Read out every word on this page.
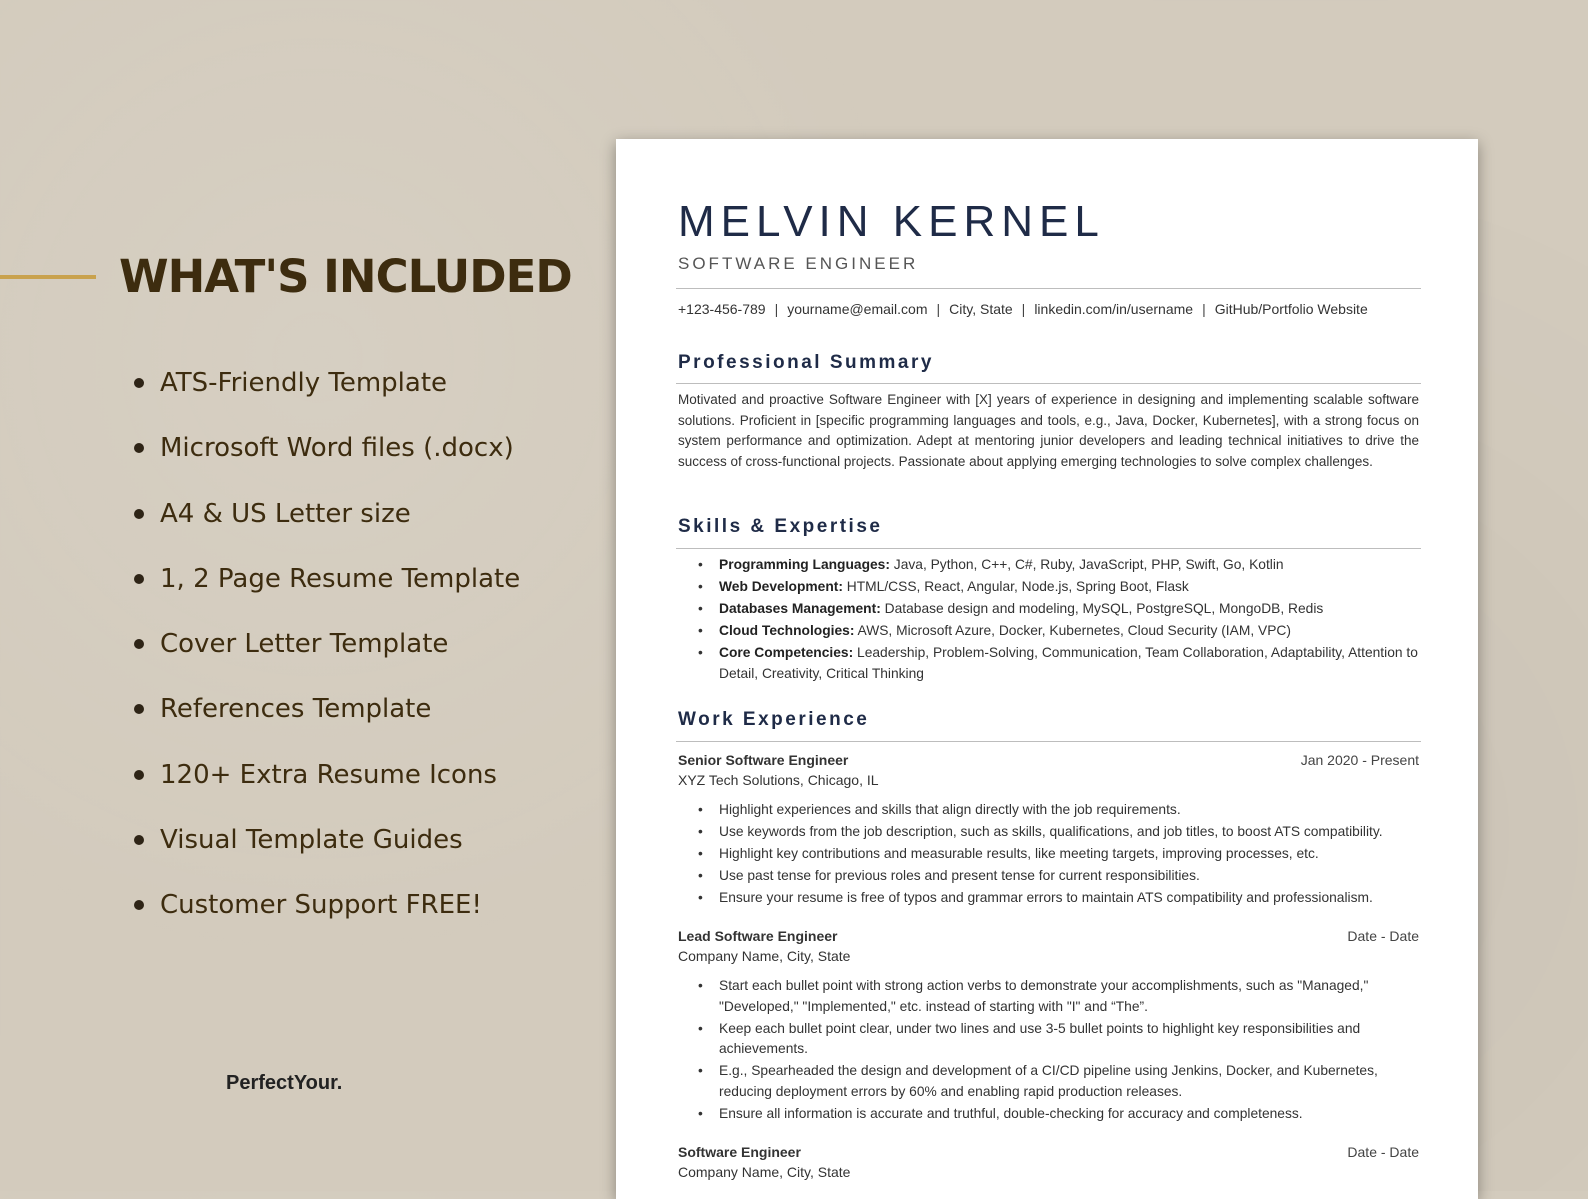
WHAT'S INCLUDED
ATS-Friendly Template
Microsoft Word files (.docx)
A4 & US Letter size
1, 2 Page Resume Template
Cover Letter Template
References Template
120+ Extra Resume Icons
Visual Template Guides
Customer Support FREE!

PerfectYour.

MELVIN KERNEL

SOFTWARE ENGINEER

+123-456-789 | yourname@email.com | City, State | linkedin.com/in/username | GitHub/Portfolio Website
Professional Summary

Motivated and proactive Software Engineer with [X] years of experience in designing and implementing scalable software solutions. Proficient in [specific programming languages and tools, e.g., Java, Docker, Kubernetes], with a strong focus on system performance and optimization. Adept at mentoring junior developers and leading technical initiatives to drive the success of cross-functional projects. Passionate about applying emerging technologies to solve complex challenges.

Skills & Expertise
• Programming Languages: Java, Python, C++, C#, Ruby, JavaScript, PHP, Swift, Go, Kotlin
• Web Development: HTML/CSS, React, Angular, Node.js, Spring Boot, Flask
• Databases Management: Database design and modeling, MySQL, PostgreSQL, MongoDB, Redis
• Cloud Technologies: AWS, Microsoft Azure, Docker, Kubernetes, Cloud Security (IAM, VPC)
• Core Competencies: Leadership, Problem-Solving, Communication, Team Collaboration, Adaptability, Attention to Detail, Creativity, Critical Thinking
Work Experience
Senior Software Engineer	Jan 2020 - Present
XYZ Tech Solutions, Chicago, IL
• Highlight experiences and skills that align directly with the job requirements.
• Use keywords from the job description, such as skills, qualifications, and job titles, to boost ATS compatibility.
• Highlight key contributions and measurable results, like meeting targets, improving processes, etc.
• Use past tense for previous roles and present tense for current responsibilities.
• Ensure your resume is free of typos and grammar errors to maintain ATS compatibility and professionalism.
Lead Software Engineer	Date - Date
Company Name, City, State
• Start each bullet point with strong action verbs to demonstrate your accomplishments, such as "Managed," "Developed," "Implemented," etc. instead of starting with "I" and “The”.
• Keep each bullet point clear, under two lines and use 3-5 bullet points to highlight key responsibilities and achievements.
• E.g., Spearheaded the design and development of a CI/CD pipeline using Jenkins, Docker, and Kubernetes, reducing deployment errors by 60% and enabling rapid production releases.
• Ensure all information is accurate and truthful, double-checking for accuracy and completeness.
Software Engineer	Date - Date
Company Name, City, State
